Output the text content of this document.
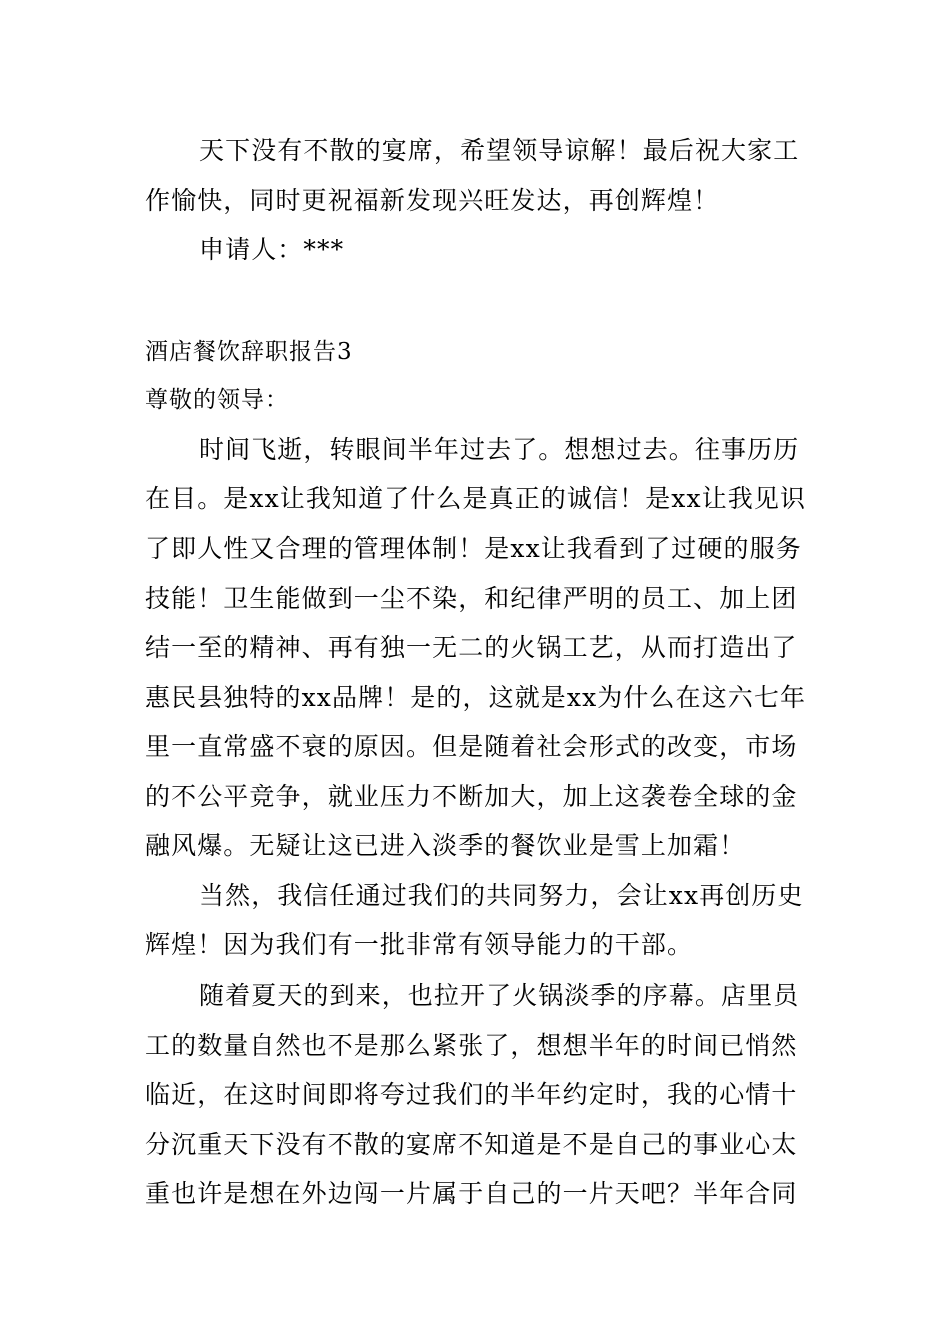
天下没有不散的宴席，希望领导谅解！最后祝大家工
作愉快，同时更祝福新发现兴旺发达，再创辉煌！
申请人：***
酒店餐饮辞职报告3
尊敬的领导：
时间飞逝，转眼间半年过去了。想想过去。往事历历
在目。是xx让我知道了什么是真正的诚信！是xx让我见识
了即人性又合理的管理体制！是xx让我看到了过硬的服务
技能！卫生能做到一尘不染，和纪律严明的员工、加上团
结一至的精神、再有独一无二的火锅工艺，从而打造出了
惠民县独特的xx品牌！是的，这就是xx为什么在这六七年
里一直常盛不衰的原因。但是随着社会形式的改变，市场
的不公平竞争，就业压力不断加大，加上这袭卷全球的金
融风爆。无疑让这已进入淡季的餐饮业是雪上加霜！
当然，我信任通过我们的共同努力，会让xx再创历史
辉煌！因为我们有一批非常有领导能力的干部。
随着夏天的到来，也拉开了火锅淡季的序幕。店里员
工的数量自然也不是那么紧张了，想想半年的时间已悄然
临近，在这时间即将夸过我们的半年约定时，我的心情十
分沉重天下没有不散的宴席不知道是不是自己的事业心太
重也许是想在外边闯一片属于自己的一片天吧？半年合同
